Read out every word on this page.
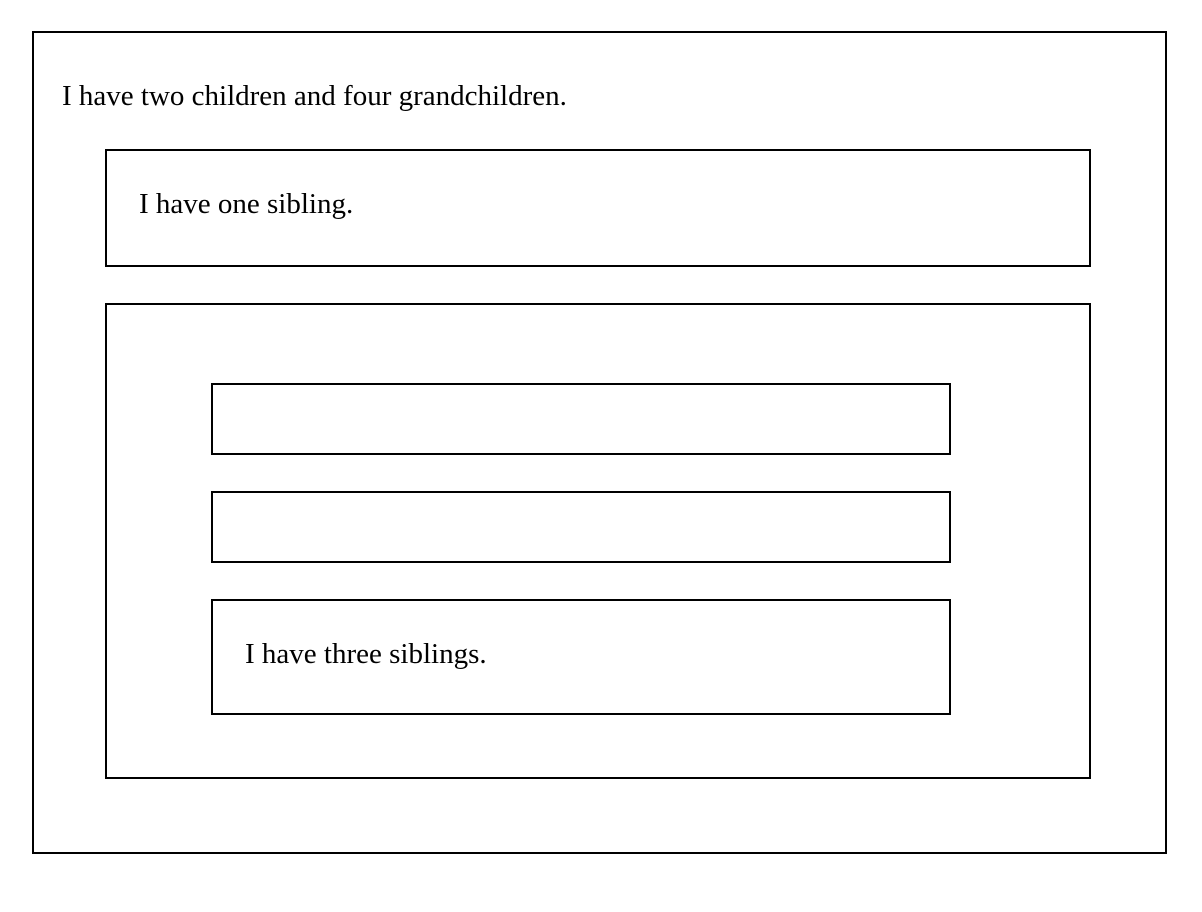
I have two children and four grandchildren.
I have one sibling.
I have three siblings.
